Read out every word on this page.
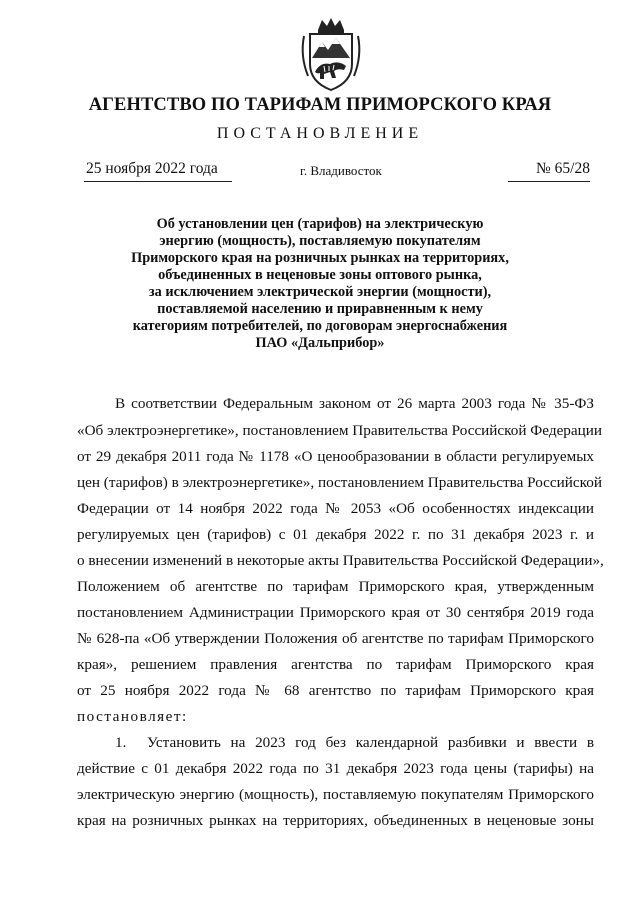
АГЕНТСТВО ПО ТАРИФАМ ПРИМОРСКОГО КРАЯ
ПОСТАНОВЛЕНИЕ
25 ноября 2022 года	г. Владивосток	№ 65/28
Об установлении цен (тарифов) на электрическую
энергию (мощность), поставляемую покупателям
Приморского края на розничных рынках на территориях,
объединенных в неценовые зоны оптового рынка,
за исключением электрической энергии (мощности),
поставляемой населению и приравненным к нему
категориям потребителей, по договорам энергоснабжения
ПАО «Дальприбор»
В соответствии Федеральным законом от 26 марта 2003 года № 35-ФЗ
«Об электроэнергетике», постановлением Правительства Российской Федерации
от 29 декабря 2011 года № 1178 «О ценообразовании в области регулируемых
цен (тарифов) в электроэнергетике», постановлением Правительства Российской
Федерации от 14 ноября 2022 года № 2053 «Об особенностях индексации
регулируемых цен (тарифов) с 01 декабря 2022 г. по 31 декабря 2023 г. и
о внесении изменений в некоторые акты Правительства Российской Федерации»,
Положением об агентстве по тарифам Приморского края, утвержденным
постановлением Администрации Приморского края от 30 сентября 2019 года
№ 628-па «Об утверждении Положения об агентстве по тарифам Приморского
края», решением правления агентства по тарифам Приморского края
от 25 ноября 2022 года № 68 агентство по тарифам Приморского края
постановляет:
1. Установить на 2023 год без календарной разбивки и ввести в
действие с 01 декабря 2022 года по 31 декабря 2023 года цены (тарифы) на
электрическую энергию (мощность), поставляемую покупателям Приморского
края на розничных рынках на территориях, объединенных в неценовые зоны
